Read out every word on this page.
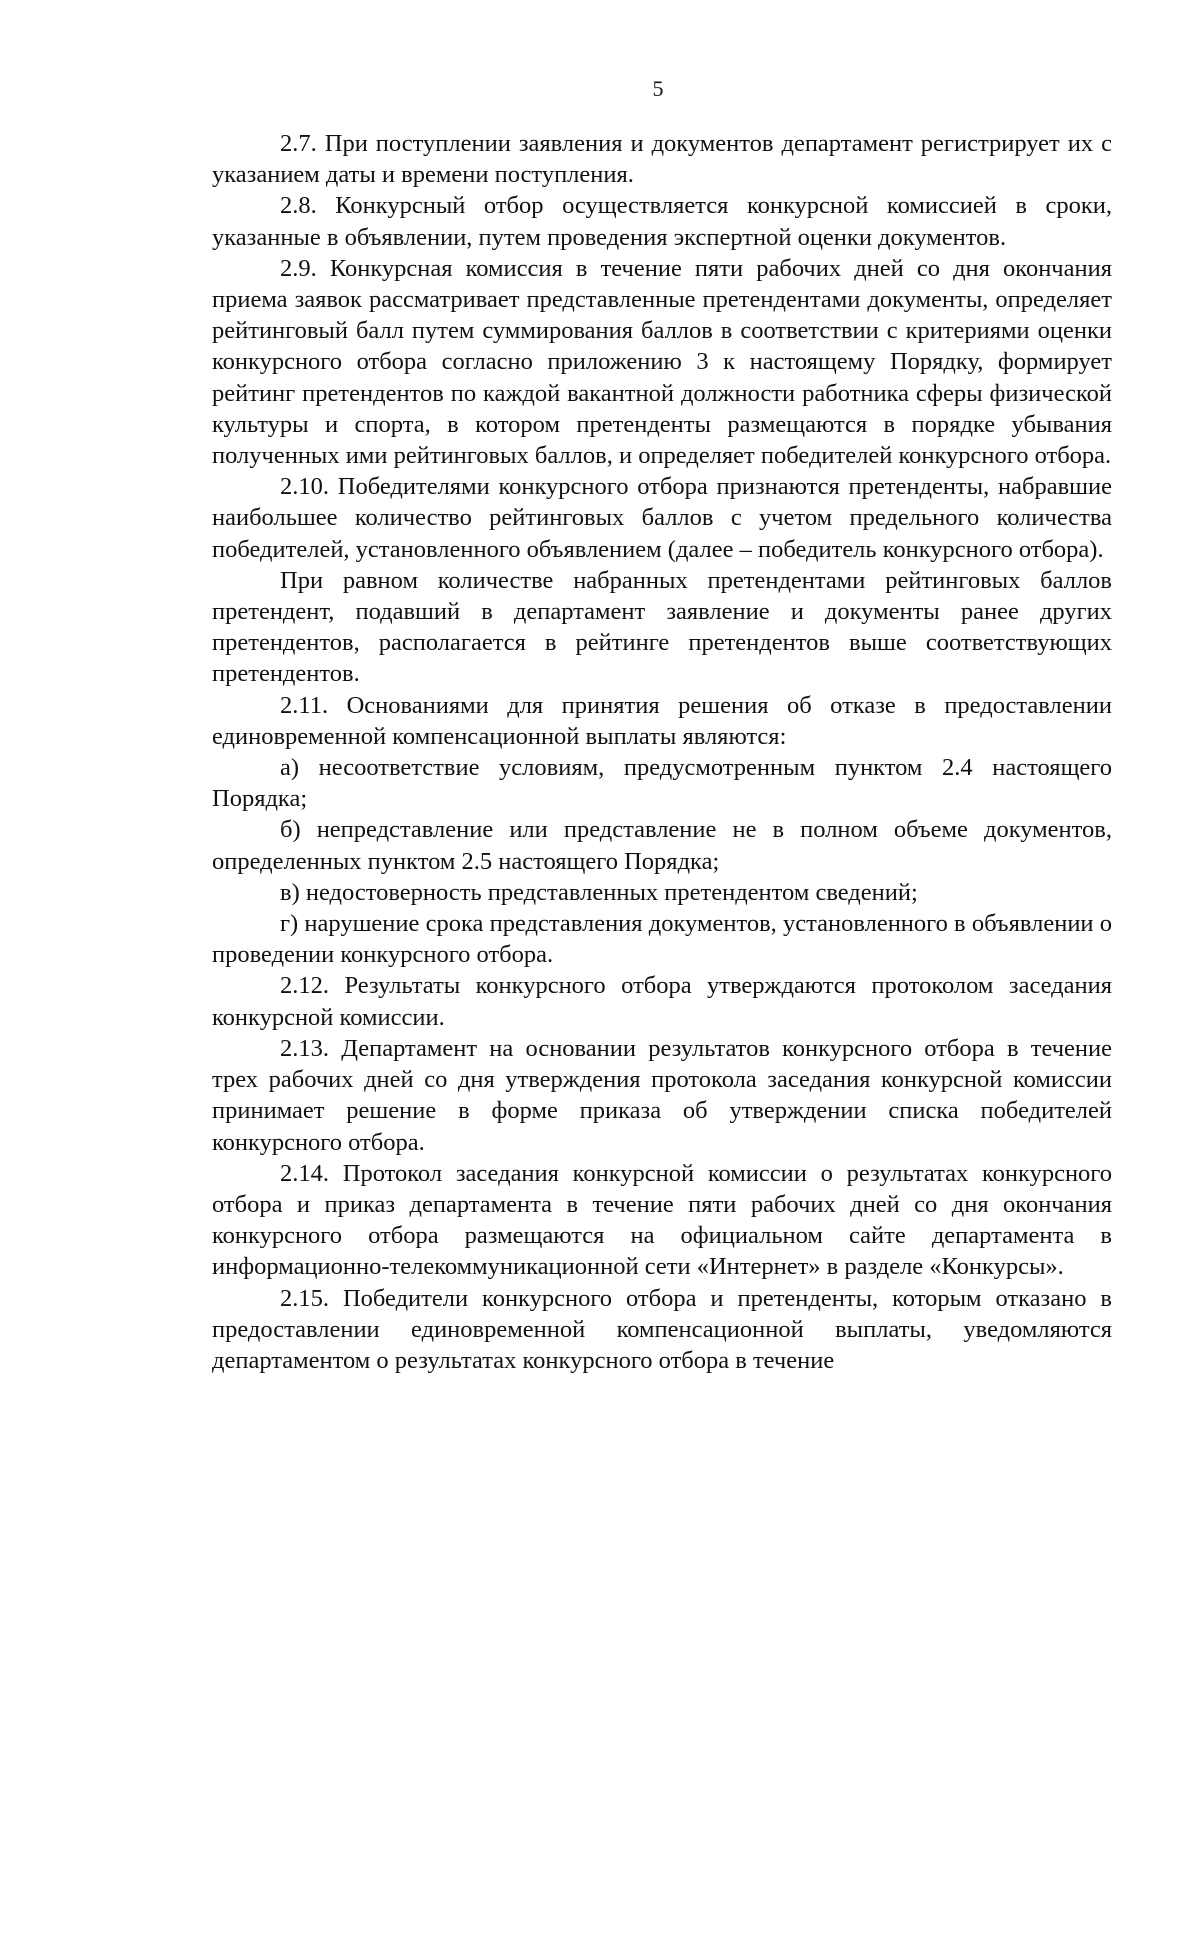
5

2.7. При поступлении заявления и документов департамент регистрирует их с указанием даты и времени поступления.

2.8. Конкурсный отбор осуществляется конкурсной комиссией в сроки, указанные в объявлении, путем проведения экспертной оценки документов.

2.9. Конкурсная комиссия в течение пяти рабочих дней со дня окончания приема заявок рассматривает представленные претендентами документы, определяет рейтинговый балл путем суммирования баллов в соответствии с критериями оценки конкурсного отбора согласно приложению 3 к настоящему Порядку, формирует рейтинг претендентов по каждой вакантной должности работника сферы физической культуры и спорта, в котором претенденты размещаются в порядке убывания полученных ими рейтинговых баллов, и определяет победителей конкурсного отбора.

2.10. Победителями конкурсного отбора признаются претенденты, набравшие наибольшее количество рейтинговых баллов с учетом предельного количества победителей, установленного объявлением (далее – победитель конкурсного отбора).

При равном количестве набранных претендентами рейтинговых баллов претендент, подавший в департамент заявление и документы ранее других претендентов, располагается в рейтинге претендентов выше соответствующих претендентов.

2.11. Основаниями для принятия решения об отказе в предоставлении единовременной компенсационной выплаты являются:

а) несоответствие условиям, предусмотренным пунктом 2.4 настоящего Порядка;

б) непредставление или представление не в полном объеме документов, определенных пунктом 2.5 настоящего Порядка;

в) недостоверность представленных претендентом сведений;

г) нарушение срока представления документов, установленного в объявлении о проведении конкурсного отбора.

2.12. Результаты конкурсного отбора утверждаются протоколом заседания конкурсной комиссии.

2.13. Департамент на основании результатов конкурсного отбора в течение трех рабочих дней со дня утверждения протокола заседания конкурсной комиссии принимает решение в форме приказа об утверждении списка победителей конкурсного отбора.

2.14. Протокол заседания конкурсной комиссии о результатах конкурсного отбора и приказ департамента в течение пяти рабочих дней со дня окончания конкурсного отбора размещаются на официальном сайте департамента в информационно-телекоммуникационной сети «Интернет» в разделе «Конкурсы».

2.15. Победители конкурсного отбора и претенденты, которым отказано в предоставлении единовременной компенсационной выплаты, уведомляются департаментом о результатах конкурсного отбора в течение
